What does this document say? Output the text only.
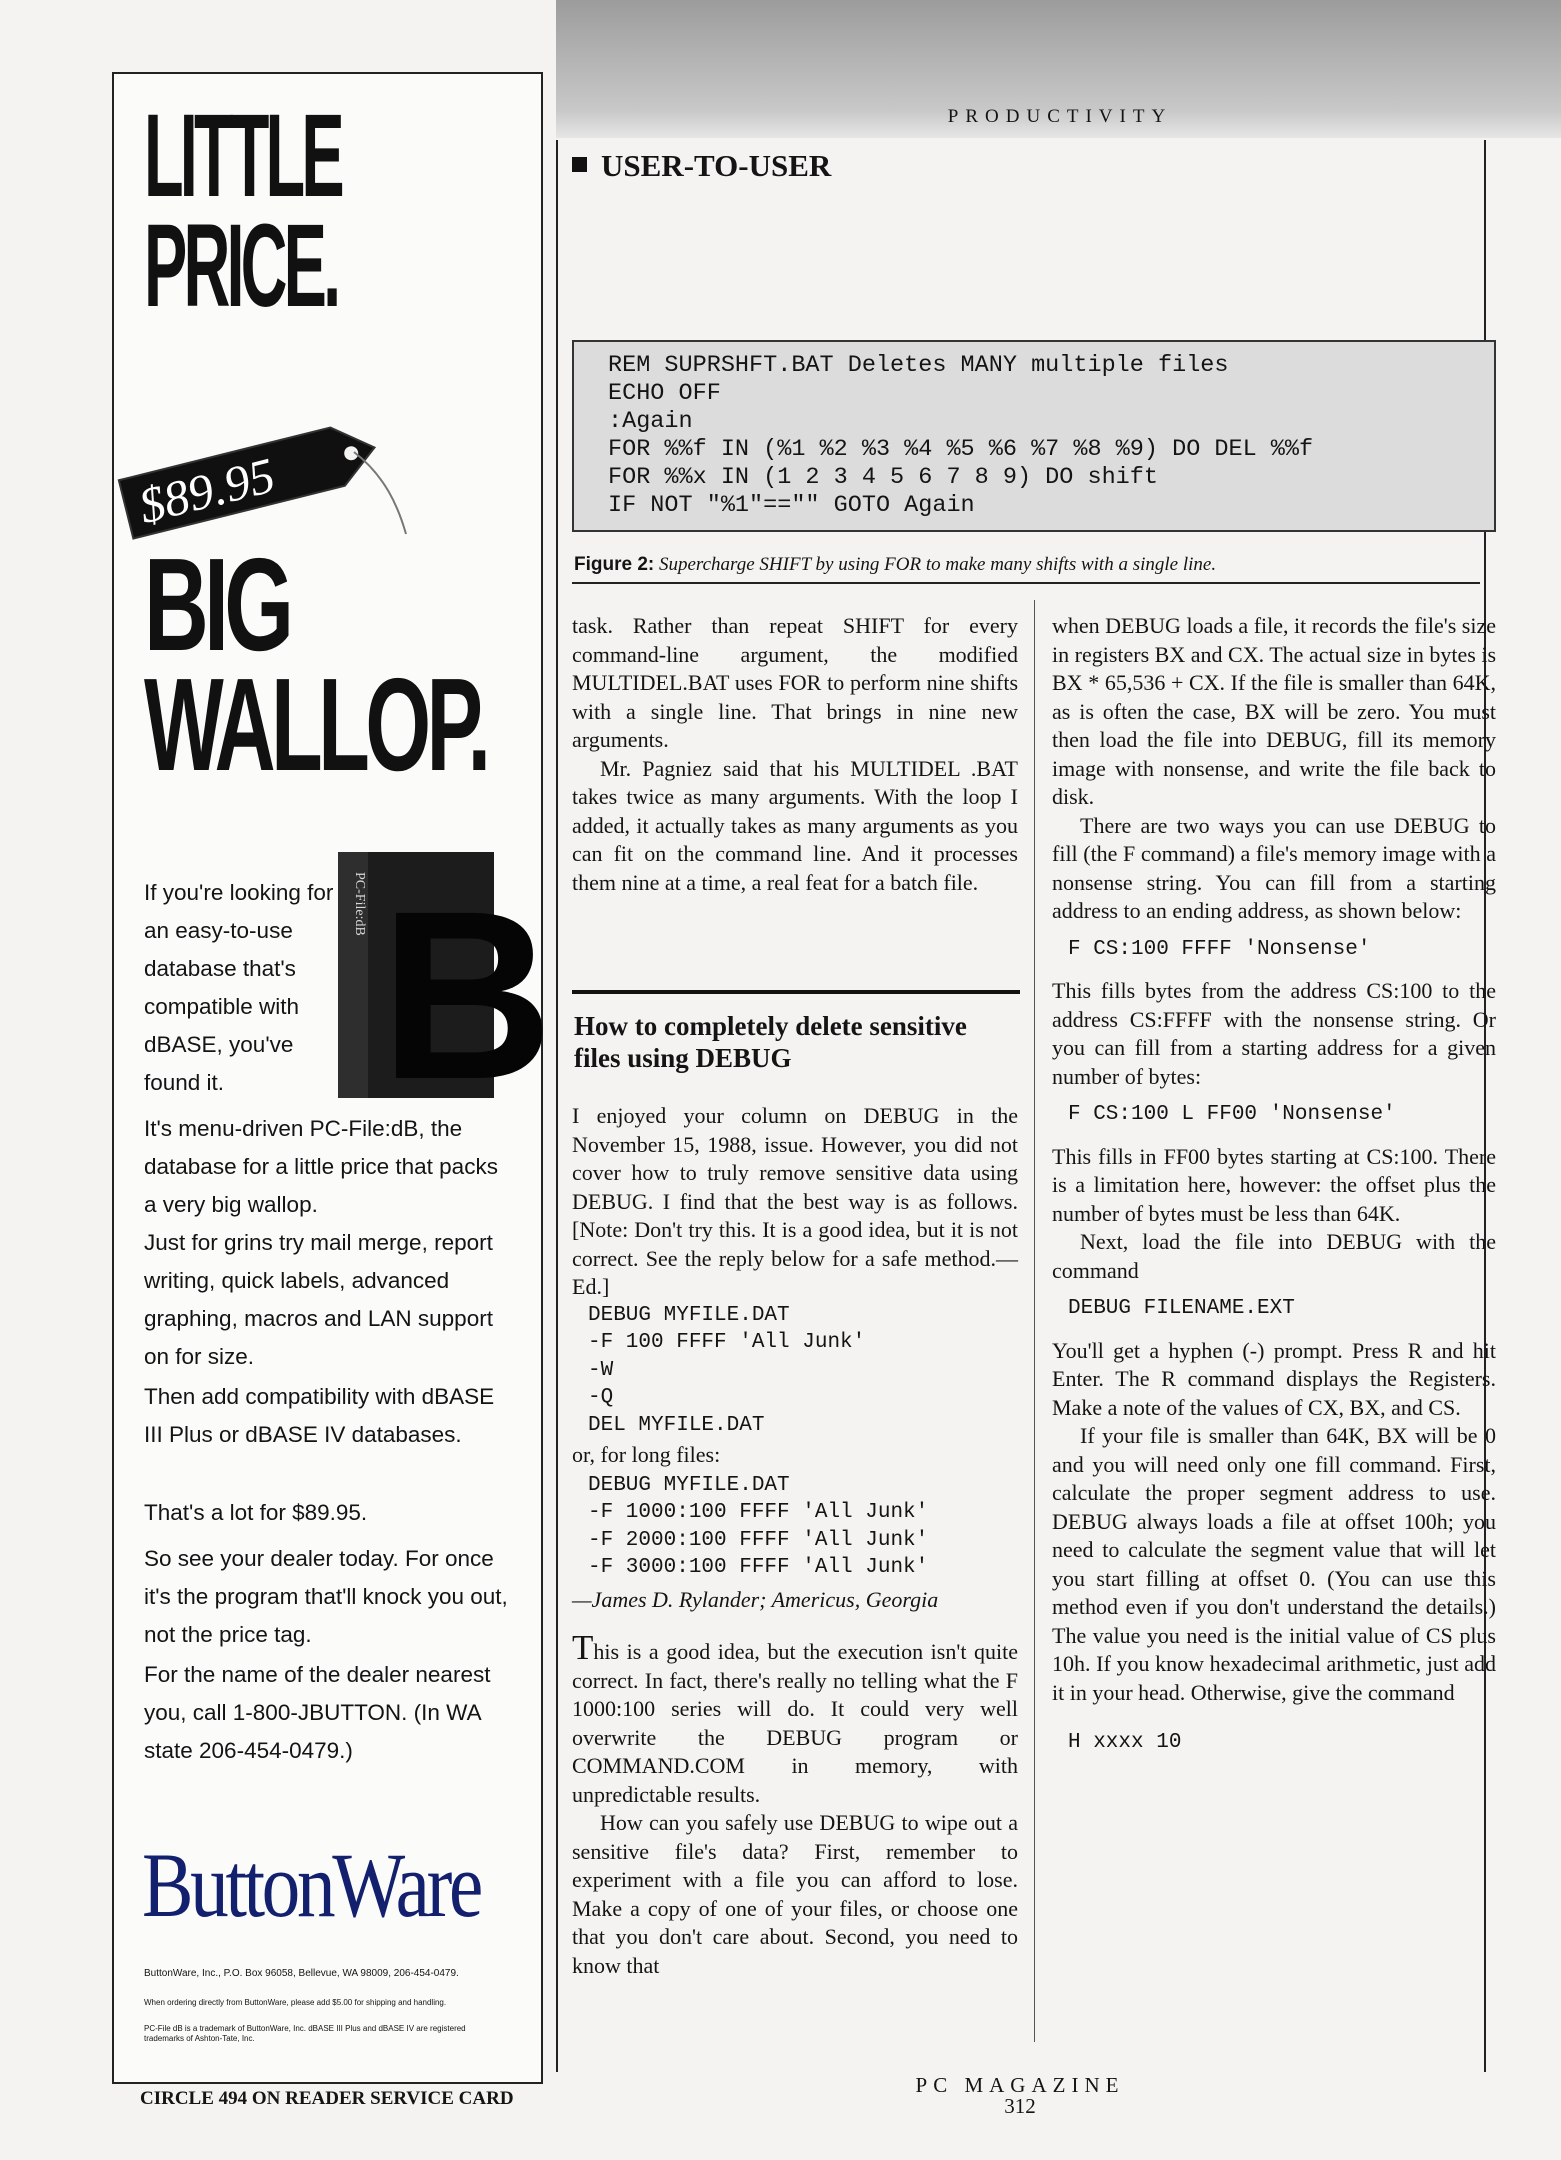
PRODUCTIVITY
LITTLE
PRICE.
$89.95
BIG
WALLOP.
PC-File:dB B

If you're looking for an easy-to-use database that's compatible with dBASE, you've found it.

It's menu-driven PC-File:dB, the database for a little price that packs a very big wallop.

Just for grins try mail merge, report writing, quick labels, advanced graphing, macros and LAN support on for size.

Then add compatibility with dBASE III Plus or dBASE IV databases.

That's a lot for $89.95.

So see your dealer today. For once it's the program that'll knock you out, not the price tag.

For the name of the dealer nearest you, call 1-800-JBUTTON. (In WA state 206-454-0479.)

ButtonWare

ButtonWare, Inc., P.O. Box 96058, Bellevue, WA 98009, 206-454-0479.

When ordering directly from ButtonWare, please add $5.00 for shipping and handling.

PC-File dB is a trademark of ButtonWare, Inc. dBASE III Plus and dBASE IV are registered trademarks of Ashton-Tate, Inc.

CIRCLE 494 ON READER SERVICE CARD
USER-TO-USER
REM SUPRSHFT.BAT Deletes MANY multiple files
ECHO OFF
:Again
FOR %%f IN (%1 %2 %3 %4 %5 %6 %7 %8 %9) DO DEL %%f
FOR %%x IN (1 2 3 4 5 6 7 8 9) DO shift
IF NOT "%1"=="" GOTO Again
Figure 2: Supercharge SHIFT by using FOR to make many shifts with a single line.

task. Rather than repeat SHIFT for every command-line argument, the modified MULTIDEL.BAT uses FOR to perform nine shifts with a single line. That brings in nine new arguments.

Mr. Pagniez said that his MULTIDEL .BAT takes twice as many arguments. With the loop I added, it actually takes as many arguments as you can fit on the command line. And it processes them nine at a time, a real feat for a batch file.

How to completely delete sensitive files using DEBUG

I enjoyed your column on DEBUG in the November 15, 1988, issue. However, you did not cover how to truly remove sensitive data using DEBUG. I find that the best way is as follows. [Note: Don't try this. It is a good idea, but it is not correct. See the reply below for a safe method.—Ed.]

DEBUG MYFILE.DAT
-F 100 FFFF 'All Junk'
-W
-Q
DEL MYFILE.DAT

or, for long files:

DEBUG MYFILE.DAT
-F 1000:100 FFFF 'All Junk'
-F 2000:100 FFFF 'All Junk'
-F 3000:100 FFFF 'All Junk'

—James D. Rylander; Americus, Georgia

This is a good idea, but the execution isn't quite correct. In fact, there's really no telling what the F 1000:100 series will do. It could very well overwrite the DEBUG program or COMMAND.COM in memory, with unpredictable results.

How can you safely use DEBUG to wipe out a sensitive file's data? First, remember to experiment with a file you can afford to lose. Make a copy of one of your files, or choose one that you don't care about. Second, you need to know that

when DEBUG loads a file, it records the file's size in registers BX and CX. The actual size in bytes is BX * 65,536 + CX. If the file is smaller than 64K, as is often the case, BX will be zero. You must then load the file into DEBUG, fill its memory image with nonsense, and write the file back to disk.

There are two ways you can use DEBUG to fill (the F command) a file's memory image with a nonsense string. You can fill from a starting address to an ending address, as shown below:

F CS:100 FFFF 'Nonsense'

This fills bytes from the address CS:100 to the address CS:FFFF with the nonsense string. Or you can fill from a starting address for a given number of bytes:

F CS:100 L FF00 'Nonsense'

This fills in FF00 bytes starting at CS:100. There is a limitation here, however: the offset plus the number of bytes must be less than 64K.

Next, load the file into DEBUG with the command

DEBUG FILENAME.EXT

You'll get a hyphen (-) prompt. Press R and hit Enter. The R command displays the Registers. Make a note of the values of CX, BX, and CS.

If your file is smaller than 64K, BX will be 0 and you will need only one fill command. First, calculate the proper segment address to use. DEBUG always loads a file at offset 100h; you need to calculate the segment value that will let you start filling at offset 0. (You can use this method even if you don't understand the details.) The value you need is the initial value of CS plus 10h. If you know hexadecimal arithmetic, just add it in your head. Otherwise, give the command

H xxxx 10
PC MAGAZINE
312
